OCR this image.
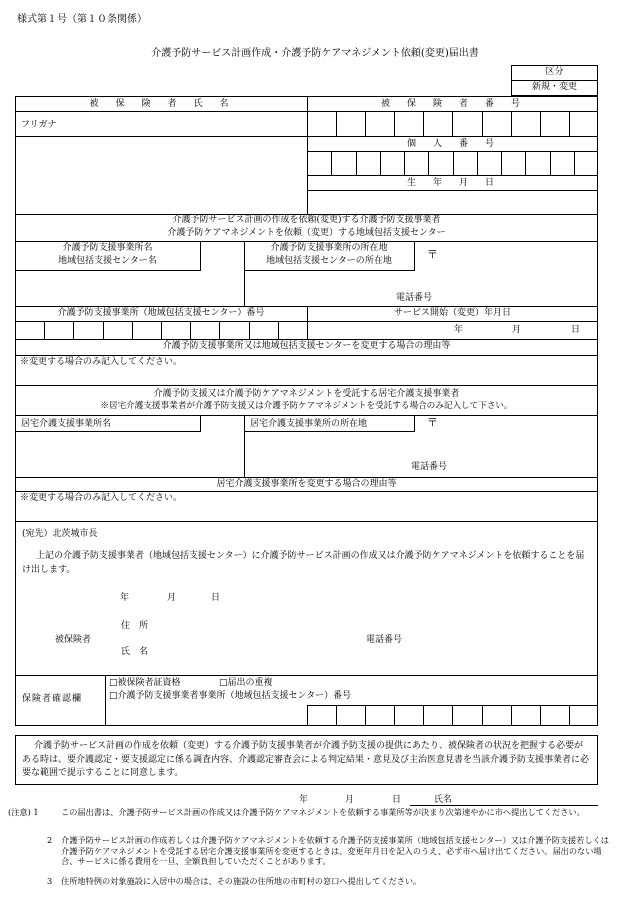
様式第１号（第１０条関係）
介護予防サービス計画作成・介護予防ケアマネジメント依頼(変更)届出書
区分
新規・変更
被　保　険　者　氏　名	被　保　険　者　番　号
フリガナ
個　人　番　号
生　年　月　日
介護予防サービス計画の作成を依頼(変更)する介護予防支援事業者
介護予防ケアマネジメントを依頼（変更）する地域包括支援センター
介護予防支援事業所名
地域包括支援センター名
介護予防支援事業所の所在地
地域包括支援センターの所在地	〒
電話番号
介護予防支援事業所（地域包括支援センター）番号	サービス開始（変更）年月日
年	月	日
介護予防支援事業所又は地域包括支援センターを変更する場合の理由等
※変更する場合のみ記入してください。
介護予防支援又は介護予防ケアマネジメントを受託する居宅介護支援事業者
※居宅介護支援事業者が介護予防支援又は介護予防ケアマネジメントを受託する場合のみ記入して下さい。
居宅介護支援事業所名	居宅介護支援事業所の所在地	〒
電話番号
居宅介護支援事業所を変更する場合の理由等
※変更する場合のみ記入してください。
(宛先）北茨城市長
上記の介護予防支援事業者（地域包括支援センター）に介護予防サービス計画の作成又は介護予防ケアマネジメントを依頼することを届け出します。
年	月	日
住　所
被保険者
氏　名
電話番号
保険者確認欄
□被保険者証資格	□届出の重複
□介護予防支援事業者事業所（地域包括支援センター）番号
介護予防サービス計画の作成を依頼（変更）する介護予防支援事業者が介護予防支援の提供にあたり、被保険者の状況を把握する必要がある時は、要介護認定・要支援認定に係る調査内容、介護認定審査会による判定結果・意見及び主治医意見書を当該介護予防支援事業者に必要な範囲で提示することに同意します。
年	月	日	氏名
(注意) 1	この届出書は、介護予防サービス計画の作成又は介護予防ケアマネジメントを依頼する事業所等が決まり次第速やかに市へ提出してください。
2 介護予防サービス計画の作成若しくは介護予防ケアマネジメントを依頼する介護予防支援事業所（地域包括支援センター）又は介護予防支援若しくは介護予防ケアマネジメントを受託する居宅介護支援事業所を変更するときは、変更年月日を記入のうえ、必ず市へ届け出てください。届出のない場合、サービスに係る費用を一旦、全額負担していただくことがあります。
3 住所地特例の対象施設に入居中の場合は、その施設の住所地の市町村の窓口へ提出してください。
